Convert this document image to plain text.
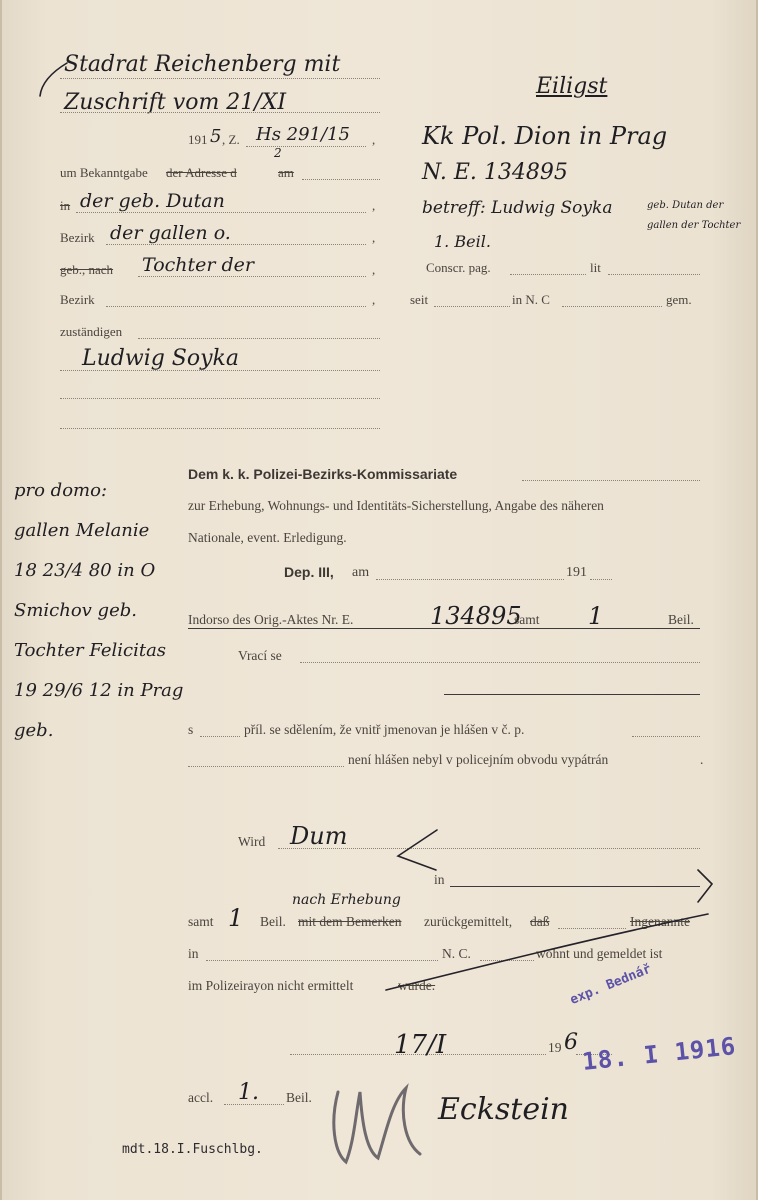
Stadrat Reichenberg mit
Zuschrift vom 21/XI
191 5 , Z. Hs 291/15
2
,
um Bekanntgabe der Adresse d	am
in der geb. Dutan	,
Bezirk der gallen o.	,
geb., nach Tochter der	,
Bezirk	,
zuständigen
Ludwig Soyka
Eiligst
Kk Pol. Dion in Prag
N. E. 134895
betreff: Ludwig Soyka	geb. Dutan der gallen der Tochter
1. Beil.
Conscr. pag.	lit
seit	in N. C	gem.
pro domo:
gallen Melanie
18 23/4 80 in O
Smichov geb.
Tochter Felicitas
19 29/6 12 in Prag
geb.
Dem k. k. Polizei-Bezirks-Kommissariate
zur Erhebung, Wohnungs- und Identitäts-Sicherstellung, Angabe des näheren
Nationale, event. Erledigung.
Dep. III, am	191
Indorso des Orig.-Aktes Nr. E.	134895
samt 1	Beil.
Vrací se
s	příl. se sdělením, že vnitř jmenovan je hlášen v č. p.
není hlášen nebyl v policejním obvodu vypátrán	.
Wird Dum
in
samt 1 Beil. mit dem Bemerken
nach Erhebung
zurückgemittelt, daß	Ingenannte
in	N. C.	wohnt und gemeldet ist
im Polizeirayon nicht ermittelt	wurde.
17/I	19 6
accl. 1. Beil.	Eckstein
mdt.18.I.Fuschlbg.
exp. Bednář
18. I 1916
